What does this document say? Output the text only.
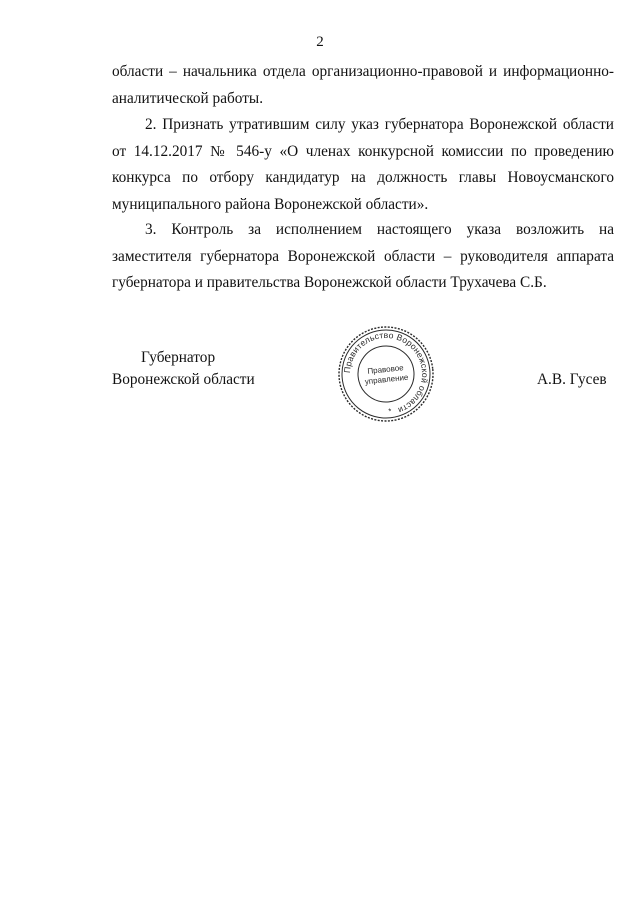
2

области – начальника отдела организационно-правовой и информационно-аналитической работы.

2. Признать утратившим силу указ губернатора Воронежской области от 14.12.2017 № 546-у «О членах конкурсной комиссии по проведению конкурса по отбору кандидатур на должность главы Новоусманского муниципального района Воронежской области».

3. Контроль за исполнением настоящего указа возложить на заместителя губернатора Воронежской области – руководителя аппарата губернатора и правительства Воронежской области Трухачева С.Б.

Губернатор
Воронежской области	А.В. Гусев
Правительство Воронежской области
Правовое
управление
*
